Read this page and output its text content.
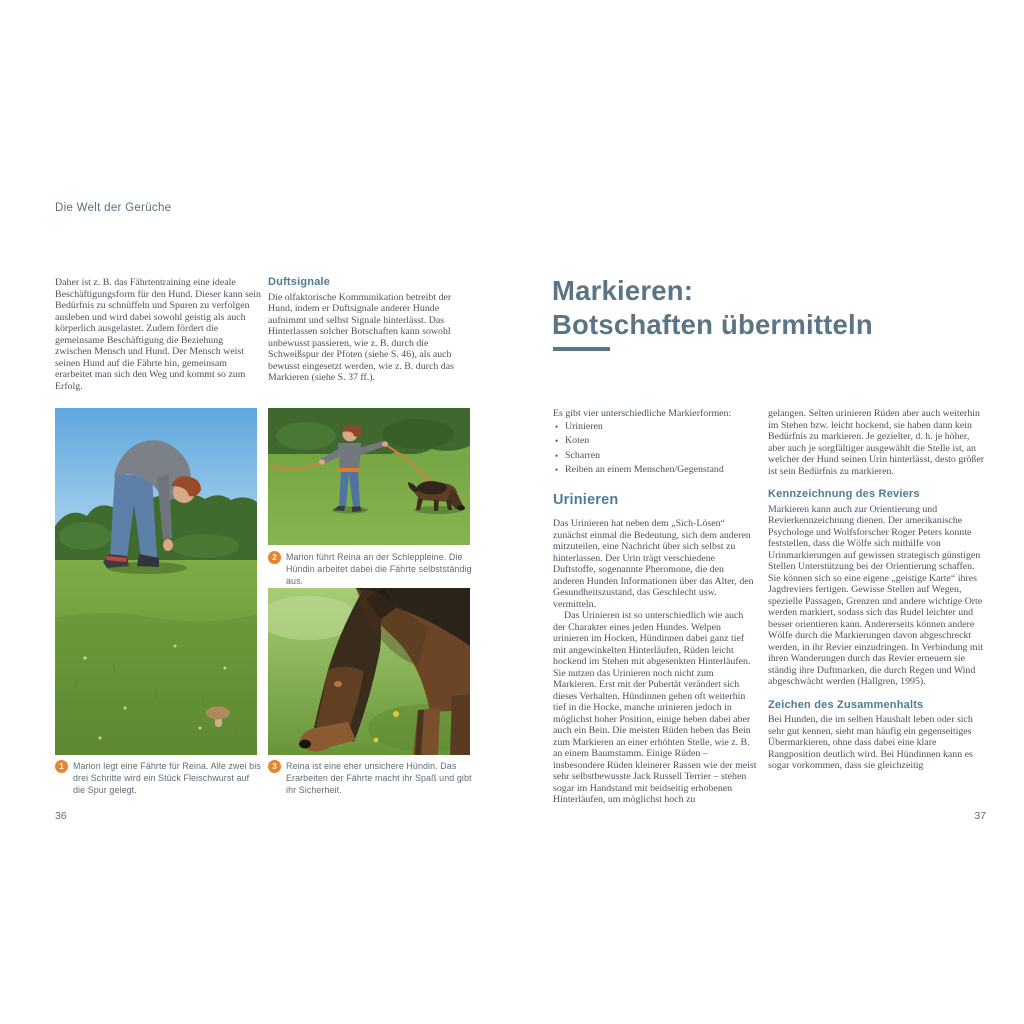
Die Welt der Gerüche

Daher ist z. B. das Fährtentraining eine ideale Beschäftigungsform für den Hund. Dieser kann sein Bedürfnis zu schnüffeln und Spuren zu verfolgen ausleben und wird dabei sowohl geistig als auch körperlich ausgelastet. Zudem fördert die gemeinsame Beschäftigung die Beziehung zwischen Mensch und Hund. Der Mensch weist seinen Hund auf die Fährte hin, gemeinsam erarbeitet man sich den Weg und kommt so zum Erfolg.

Duftsignale

Die olfaktorische Kommunikation betreibt der Hund, indem er Duftsignale anderer Hunde aufnimmt und selbst Signale hinterlässt. Das Hinterlassen solcher Botschaften kann sowohl unbewusst passieren, wie z. B. durch die Schweißspur der Pfoten (siehe S. 46), als auch bewusst eingesetzt werden, wie z. B. durch das Markieren (siehe S. 37 ff.).

1	Marion legt eine Fährte für Reina. Alle zwei bis drei Schritte wird ein Stück Fleischwurst auf die Spur gelegt.
2	Marion führt Reina an der Schleppleine. Die Hündin arbeitet dabei die Fährte selbstständig aus.
3	Reina ist eine eher unsichere Hündin. Das Erarbeiten der Fährte macht ihr Spaß und gibt ihr Sicherheit.
36
Markieren:
Botschaften übermitteln

Es gibt vier unterschiedliche Markierformen:

• Urinieren
• Koten
• Scharren
• Reiben an einem Menschen/Gegenstand
Urinieren

Das Urinieren hat neben dem „Sich-Lösen“ zunächst einmal die Bedeutung, sich dem anderen mitzuteilen, eine Nachricht über sich selbst zu hinterlassen. Der Urin trägt verschiedene Duftstoffe, sogenannte Pheromone, die den anderen Hunden Informationen über das Alter, den Gesundheitszustand, das Geschlecht usw. vermitteln.

Das Urinieren ist so unterschiedlich wie auch der Charakter eines jeden Hundes. Welpen urinieren im Hocken, Hündinnen dabei ganz tief mit angewinkelten Hinterläufen, Rüden leicht hockend im Stehen mit abgesenkten Hinterläufen. Sie nutzen das Urinieren noch nicht zum Markieren. Erst mit der Pubertät verändert sich dieses Verhalten. Hündinnen gehen oft weiterhin tief in die Hocke, manche urinieren jedoch in möglichst hoher Position, einige heben dabei aber auch ein Bein. Die meisten Rüden heben das Bein zum Markieren an einer erhöhten Stelle, wie z. B. an einem Baumstamm. Einige Rüden – insbesondere Rüden kleinerer Rassen wie der meist sehr selbstbewusste Jack Russell Terrier – stehen sogar im Handstand mit beidseitig erhobenen Hinterläufen, um möglichst hoch zu

gelangen. Selten urinieren Rüden aber auch weiterhin im Stehen bzw. leicht hockend, sie haben dann kein Bedürfnis zu markieren. Je gezielter, d. h. je höher, aber auch je sorgfältiger ausgewählt die Stelle ist, an welcher der Hund seinen Urin hinterlässt, desto größer ist sein Bedürfnis zu markieren.

Kennzeichnung des Reviers

Markieren kann auch zur Orientierung und Revierkennzeichnung dienen. Der amerikanische Psychologe und Wolfsforscher Roger Peters konnte feststellen, dass die Wölfe sich mithilfe von Urinmarkierungen auf gewissen strategisch günstigen Stellen Unterstützung bei der Orientierung schaffen. Sie können sich so eine eigene „geistige Karte“ ihres Jagdreviers fertigen. Gewisse Stellen auf Wegen, spezielle Passagen, Grenzen und andere wichtige Orte werden markiert, sodass sich das Rudel leichter und besser orientieren kann. Andererseits können andere Wölfe durch die Markierungen davon abgeschreckt werden, in ihr Revier einzudringen. In Verbindung mit ihren Wanderungen durch das Revier erneuern sie ständig ihre Duftmarken, die durch Regen und Wind abgeschwächt werden (Hallgren, 1995).

Zeichen des Zusammenhalts

Bei Hunden, die im selben Haushalt leben oder sich sehr gut kennen, sieht man häufig ein gegenseitiges Übermarkieren, ohne dass dabei eine klare Rangposition deutlich wird. Bei Hündinnen kann es sogar vorkommen, dass sie gleichzeitig

37
